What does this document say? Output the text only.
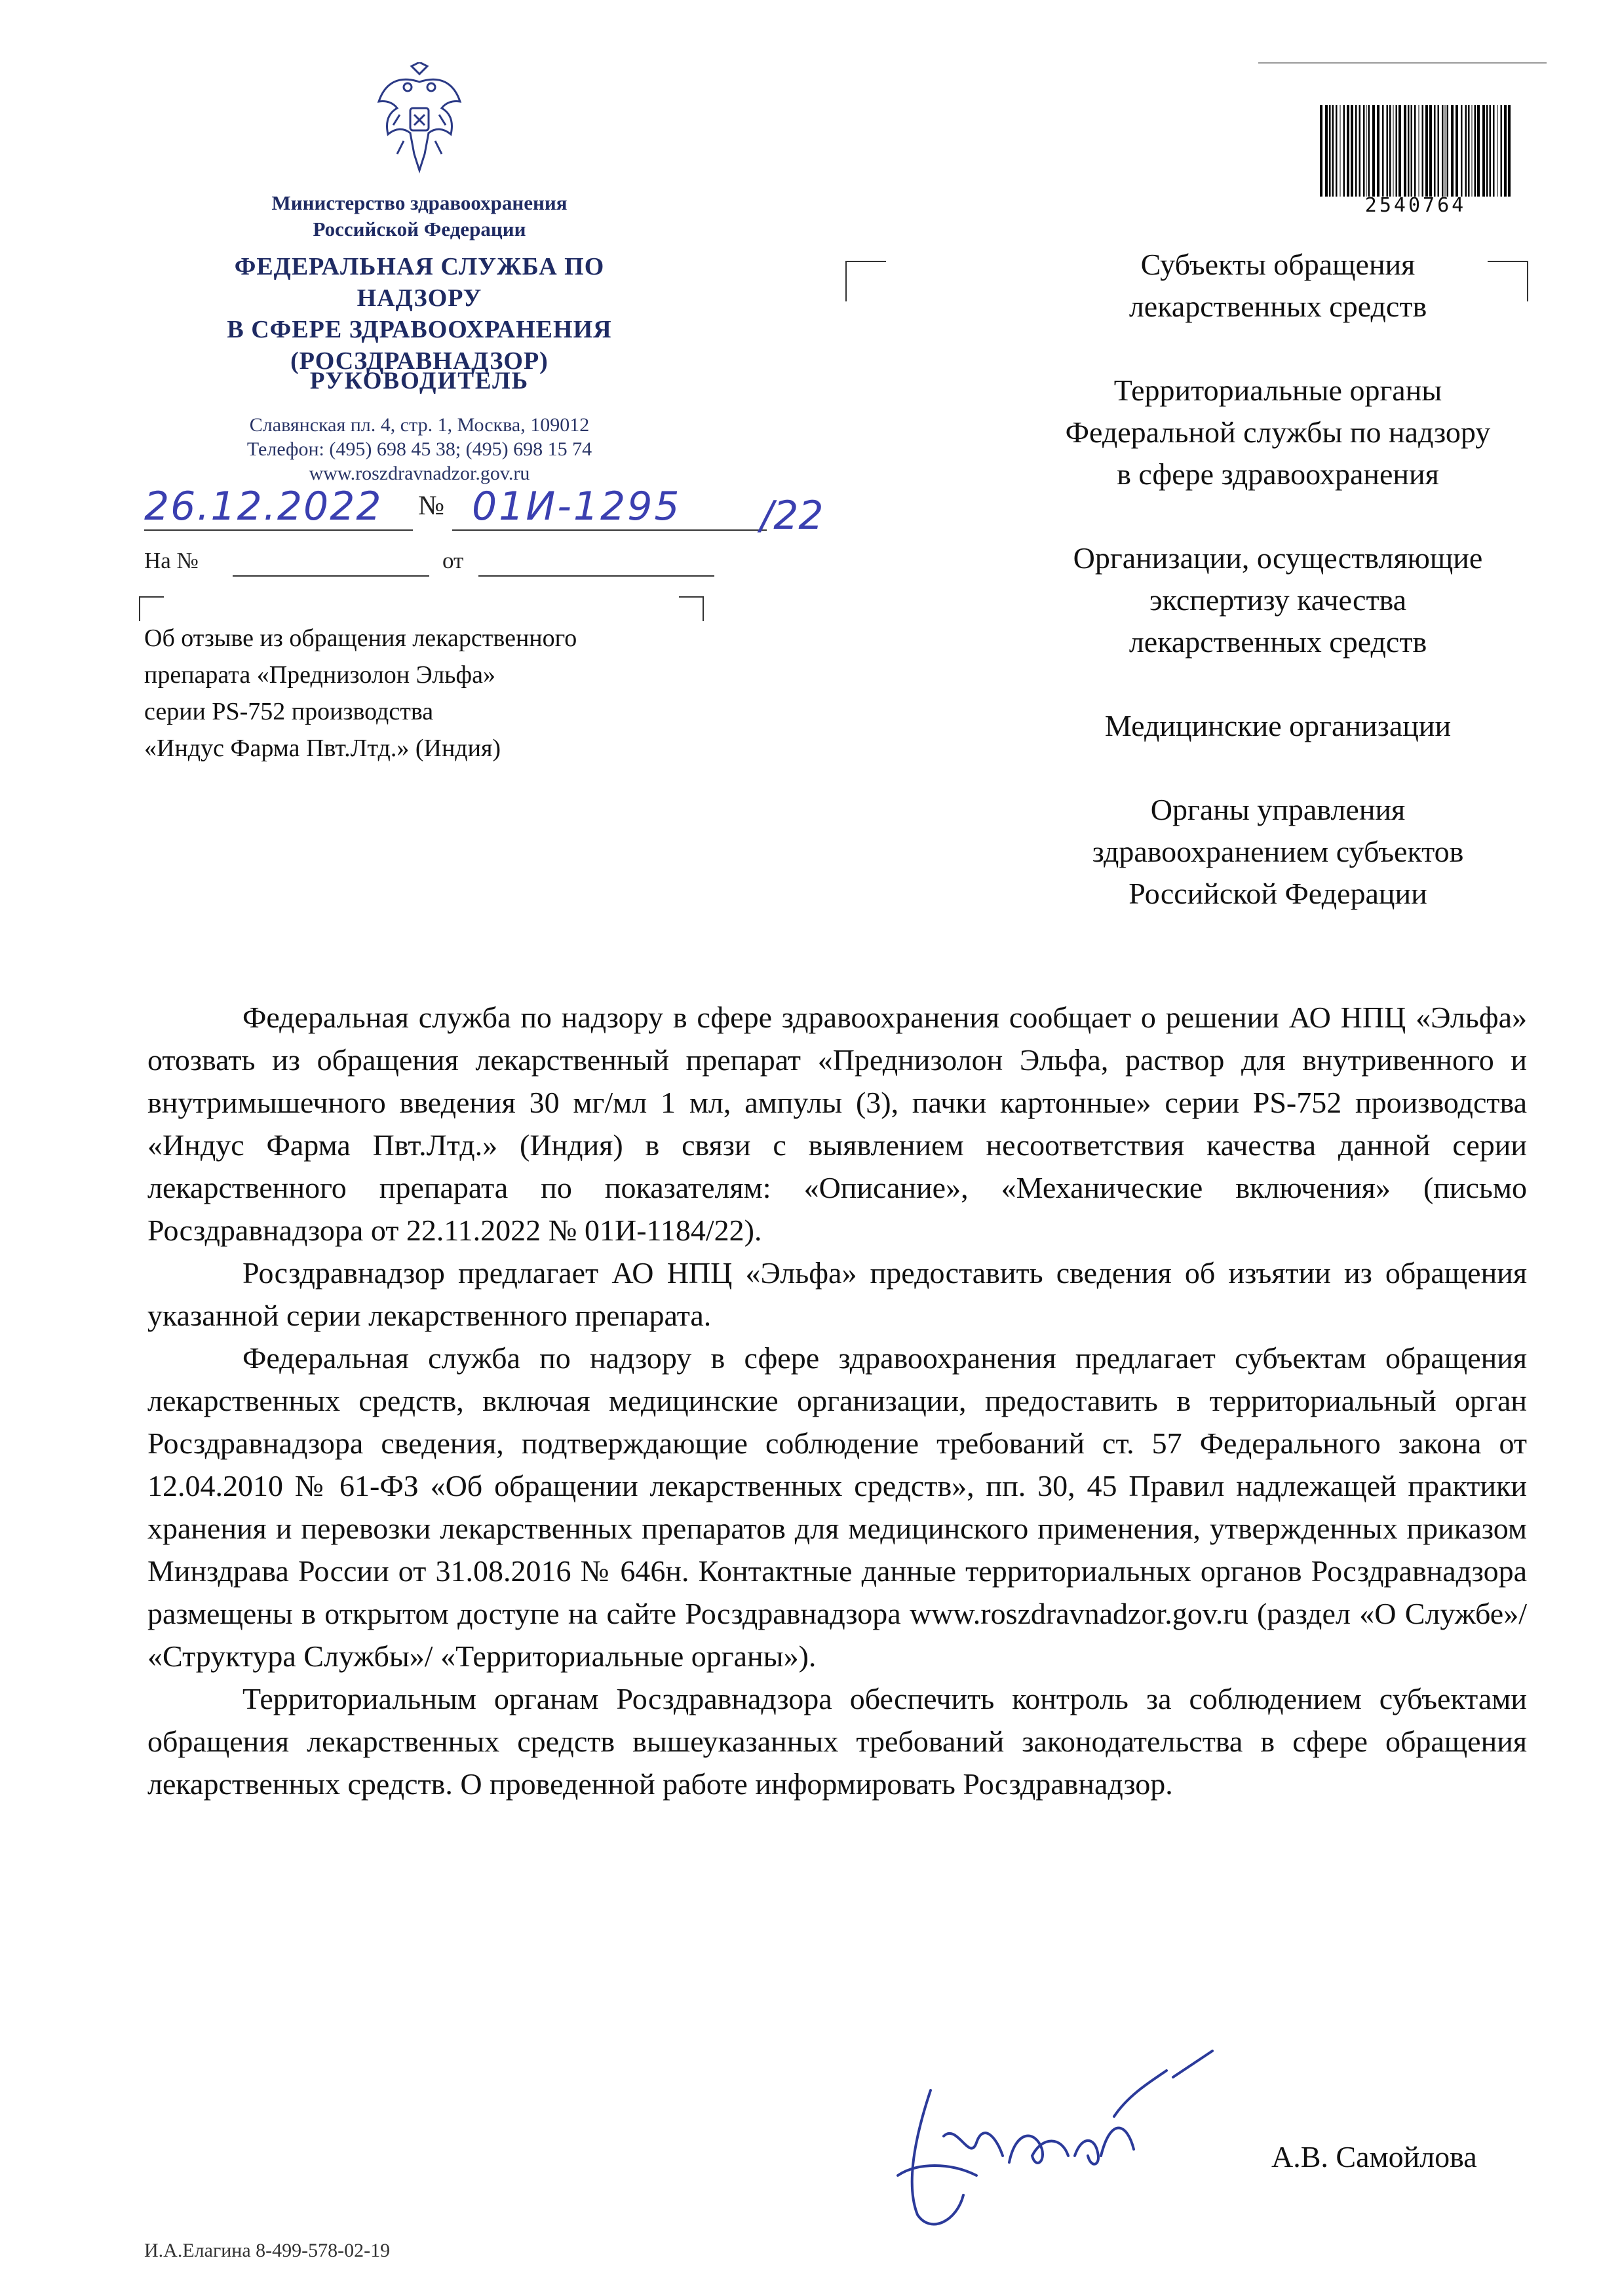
Министерство здравоохранения
Российской Федерации
ФЕДЕРАЛЬНАЯ СЛУЖБА ПО НАДЗОРУ
В СФЕРЕ ЗДРАВООХРАНЕНИЯ
(РОСЗДРАВНАДЗОР)
РУКОВОДИТЕЛЬ
Славянская пл. 4, стр. 1, Москва, 109012
Телефон: (495) 698 45 38; (495) 698 15 74
www.roszdravnadzor.gov.ru
26.12.2022 № 01И-1295 /22
На №	от
Об отзыве из обращения лекарственного
препарата «Преднизолон Эльфа»
серии PS-752 производства
«Индус Фарма Пвт.Лтд.» (Индия)
2540764
Субъекты обращения
лекарственных средств
Территориальные органы
Федеральной службы по надзору
в сфере здравоохранения
Организации, осуществляющие
экспертизу качества
лекарственных средств
Медицинские организации
Органы управления
здравоохранением субъектов
Российской Федерации

Федеральная служба по надзору в сфере здравоохранения сообщает о решении АО НПЦ «Эльфа» отозвать из обращения лекарственный препарат «Преднизолон Эльфа, раствор для внутривенного и внутримышечного введения 30 мг/мл 1 мл, ампулы (3), пачки картонные» серии PS-752 производства «Индус Фарма Пвт.Лтд.» (Индия) в связи с выявлением несоответствия качества данной серии лекарственного препарата по показателям: «Описание», «Механические включения» (письмо Росздравнадзора от 22.11.2022 № 01И-1184/22).

Росздравнадзор предлагает АО НПЦ «Эльфа» предоставить сведения об изъятии из обращения указанной серии лекарственного препарата.

Федеральная служба по надзору в сфере здравоохранения предлагает субъектам обращения лекарственных средств, включая медицинские организации, предоставить в территориальный орган Росздравнадзора сведения, подтверждающие соблюдение требований ст. 57 Федерального закона от 12.04.2010 № 61-ФЗ «Об обращении лекарственных средств», пп. 30, 45 Правил надлежащей практики хранения и перевозки лекарственных препаратов для медицинского применения, утвержденных приказом Минздрава России от 31.08.2016 № 646н. Контактные данные территориальных органов Росздравнадзора размещены в открытом доступе на сайте Росздравнадзора www.roszdravnadzor.gov.ru (раздел «О Службе»/ «Структура Службы»/ «Территориальные органы»).

Территориальным органам Росздравнадзора обеспечить контроль за соблюдением субъектами обращения лекарственных средств вышеуказанных требований законодательства в сфере обращения лекарственных средств. О проведенной работе информировать Росздравнадзор.

А.В. Самойлова
И.А.Елагина 8-499-578-02-19
